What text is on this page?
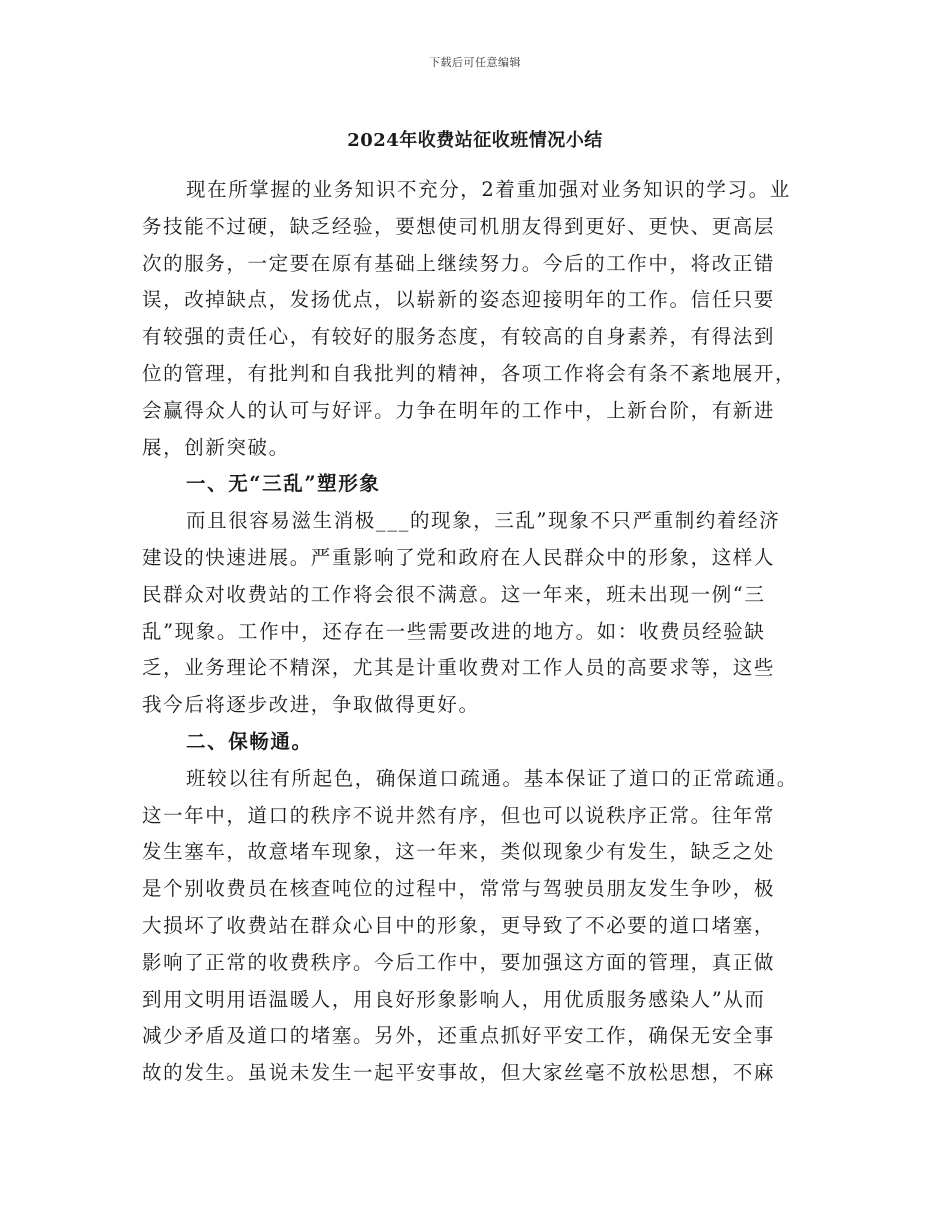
下载后可任意编辑
2024年收费站征收班情况小结
现在所掌握的业务知识不充分，2着重加强对业务知识的学习。业
务技能不过硬，缺乏经验，要想使司机朋友得到更好、更快、更高层
次的服务，一定要在原有基础上继续努力。今后的工作中，将改正错
误，改掉缺点，发扬优点，以崭新的姿态迎接明年的工作。信任只要
有较强的责任心，有较好的服务态度，有较高的自身素养，有得法到
位的管理，有批判和自我批判的精神，各项工作将会有条不紊地展开，
会赢得众人的认可与好评。力争在明年的工作中，上新台阶，有新进
展，创新突破。
一、无“三乱”塑形象
而且很容易滋生消极___的现象，三乱”现象不只严重制约着经济
建设的快速进展。严重影响了党和政府在人民群众中的形象，这样人
民群众对收费站的工作将会很不满意。这一年来，班未出现一例“三
乱”现象。工作中，还存在一些需要改进的地方。如：收费员经验缺
乏，业务理论不精深，尤其是计重收费对工作人员的高要求等，这些
我今后将逐步改进，争取做得更好。
二、保畅通。
班较以往有所起色，确保道口疏通。基本保证了道口的正常疏通。
这一年中，道口的秩序不说井然有序，但也可以说秩序正常。往年常
发生塞车，故意堵车现象，这一年来，类似现象少有发生，缺乏之处
是个别收费员在核查吨位的过程中，常常与驾驶员朋友发生争吵，极
大损坏了收费站在群众心目中的形象，更导致了不必要的道口堵塞，
影响了正常的收费秩序。今后工作中，要加强这方面的管理，真正做
到用文明用语温暖人，用良好形象影响人，用优质服务感染人”从而
减少矛盾及道口的堵塞。另外，还重点抓好平安工作，确保无安全事
故的发生。虽说未发生一起平安事故，但大家丝毫不放松思想，不麻
